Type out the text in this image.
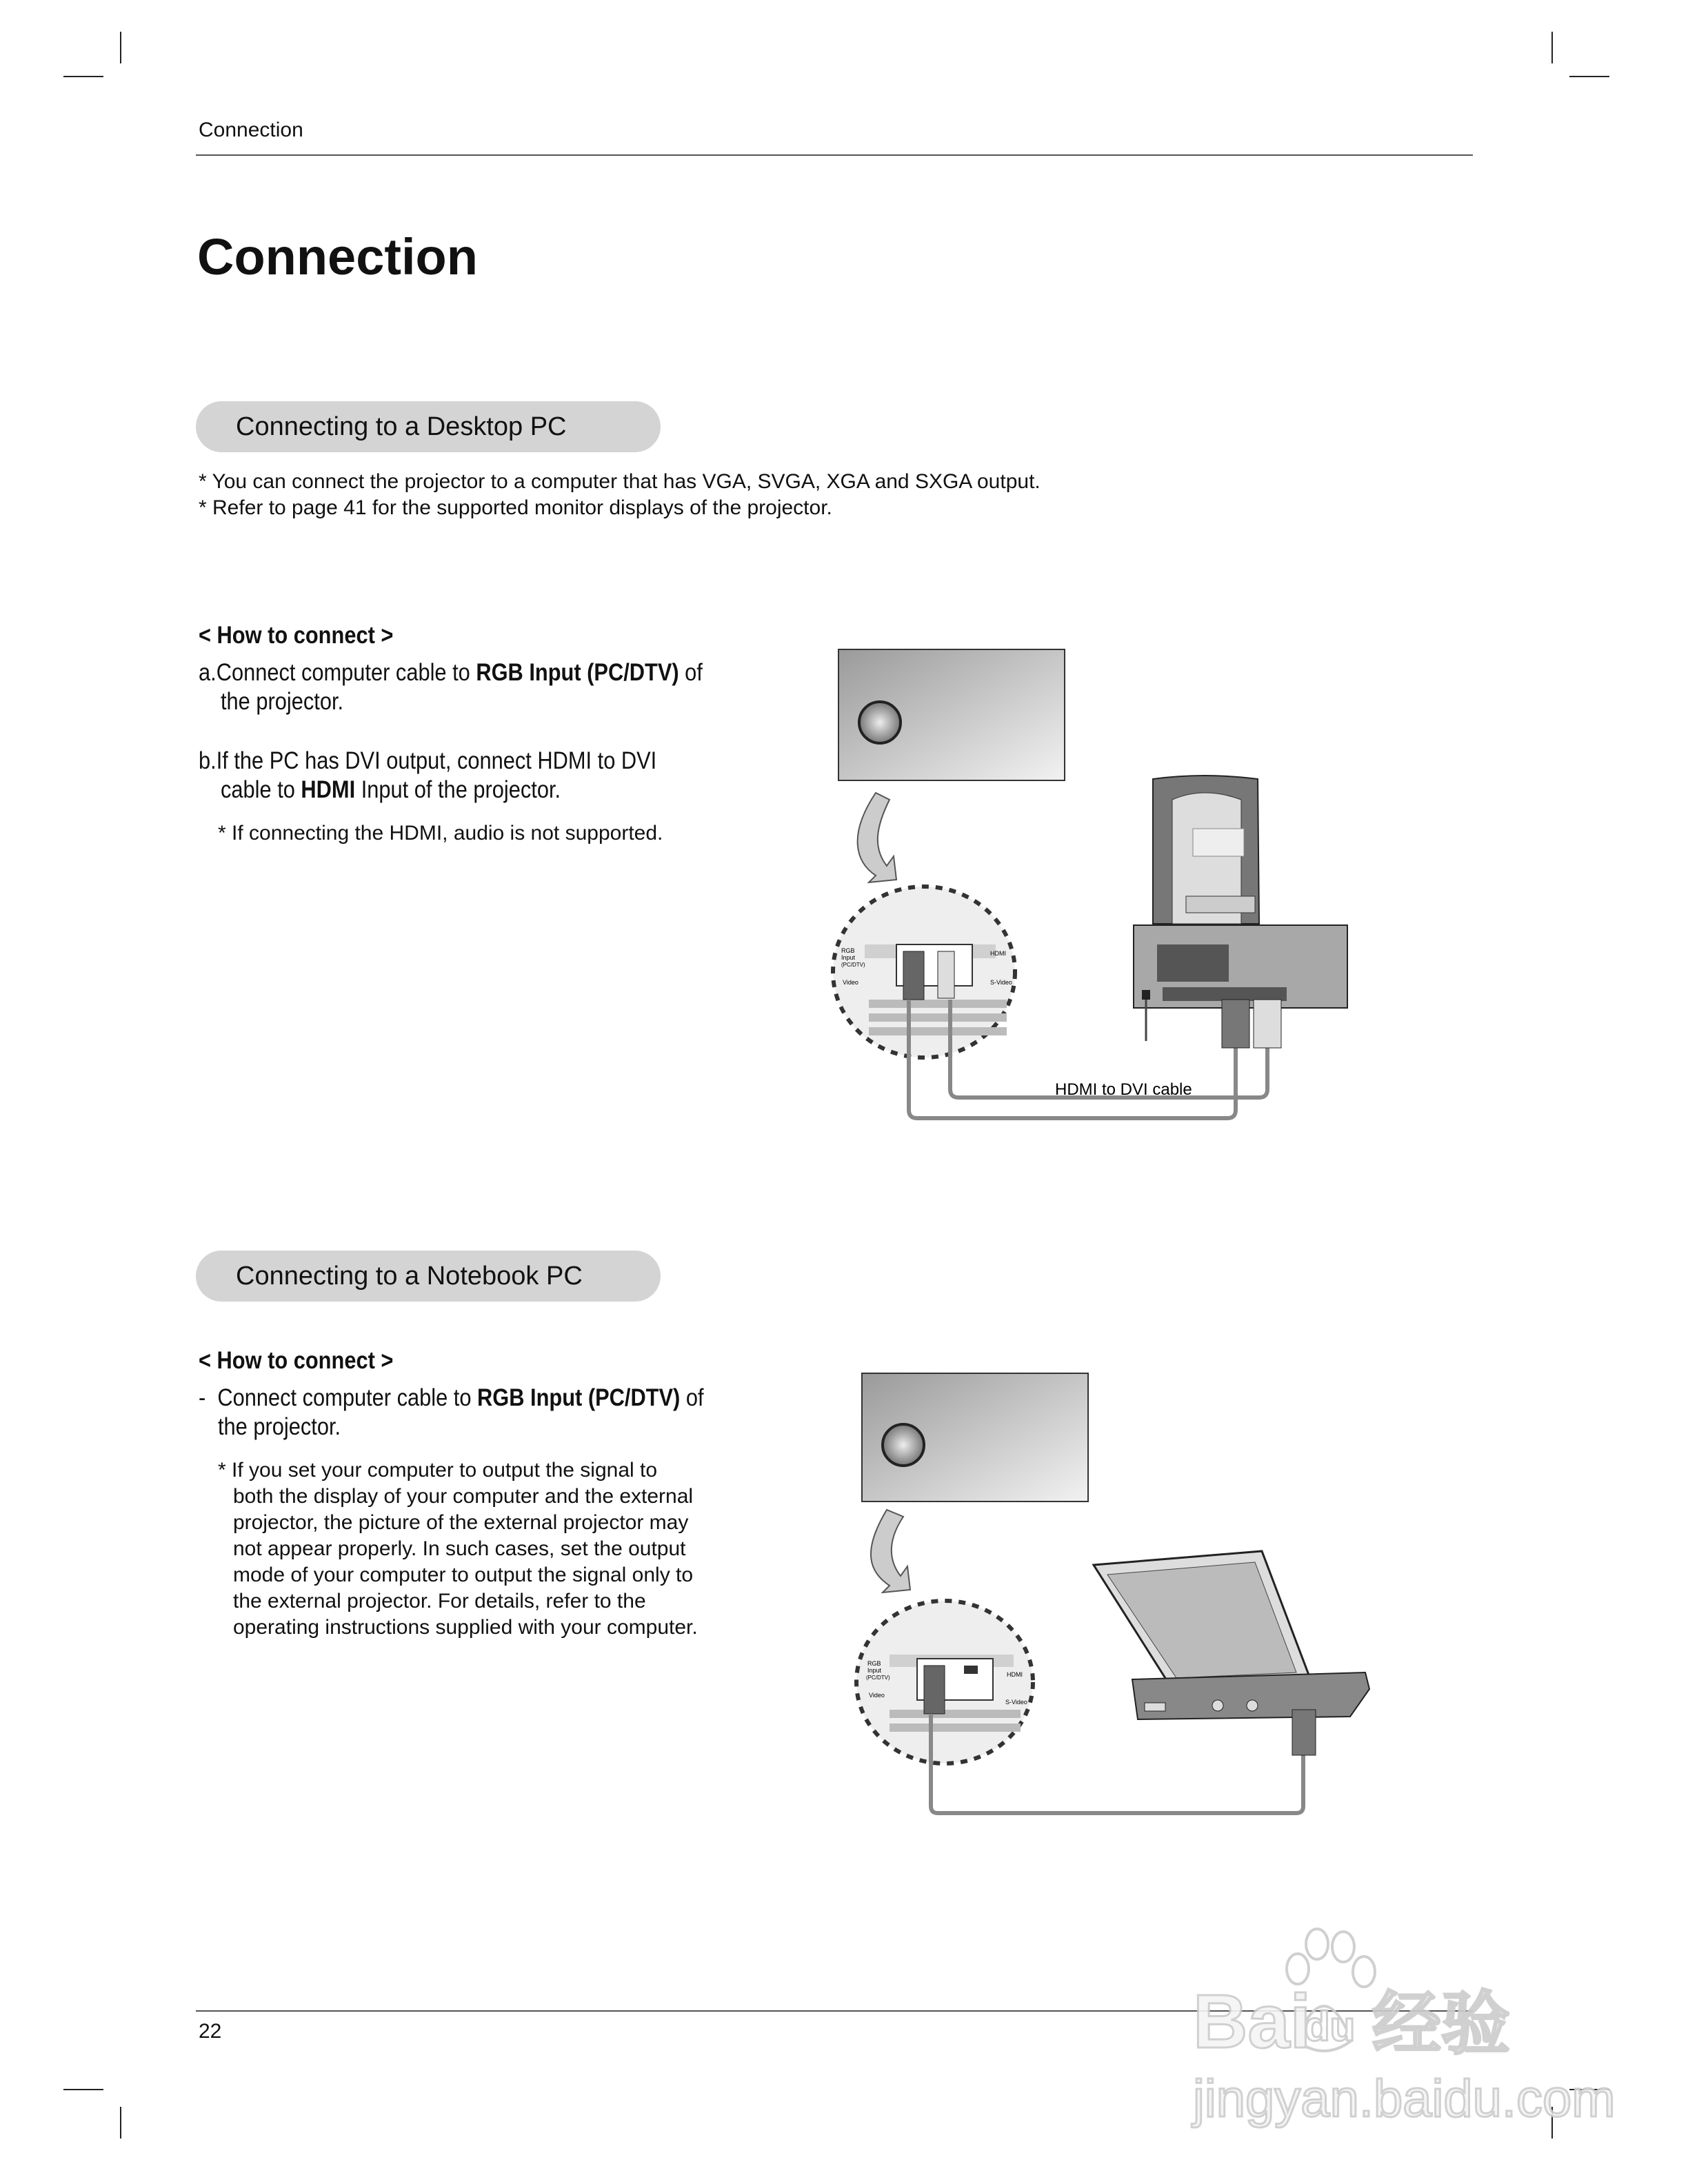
Connection
Connection
Connecting to a Desktop PC
* You can connect the projector to a computer that has VGA, SVGA, XGA and SXGA output.
* Refer to page 41 for the supported monitor displays of the projector.
< How to connect >
a.Connect computer cable to RGB Input (PC/DTV) of
the projector.
b.If the PC has DVI output, connect HDMI to DVI
cable to HDMI Input of the projector.
* If connecting the HDMI, audio is not supported.
RGB
Input
(PC/DTV)
Video
HDMI
S-Video
HDMI to DVI cable
Connecting to a Notebook PC
< How to connect >
- Connect computer cable to RGB Input (PC/DTV) of
the projector.
* If you set your computer to output the signal to
both the display of your computer and the external
projector, the picture of the external projector may
not appear properly. In such cases, set the output
mode of your computer to output the signal only to
the external projector. For details, refer to the
operating instructions supplied with your computer.
RGB
Input
(PC/DTV)
Video
HDMI
S-Video
22	Bai
du 经验
jingyan.baidu.com
